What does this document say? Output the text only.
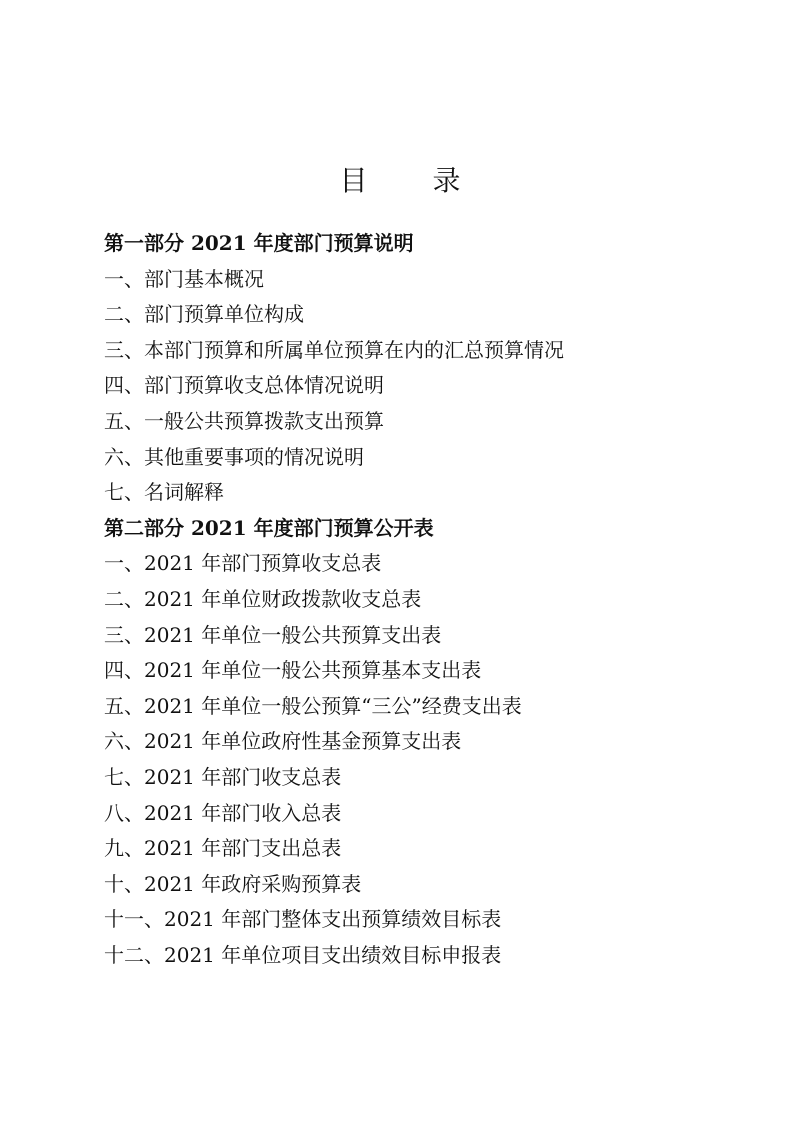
目 录
第一部分 2021 年度部门预算说明
一、部门基本概况
二、部门预算单位构成
三、本部门预算和所属单位预算在内的汇总预算情况
四、部门预算收支总体情况说明
五、一般公共预算拨款支出预算
六、其他重要事项的情况说明
七、名词解释
第二部分 2021 年度部门预算公开表
一、2021 年部门预算收支总表
二、2021 年单位财政拨款收支总表
三、2021 年单位一般公共预算支出表
四、2021 年单位一般公共预算基本支出表
五、2021 年单位一般公预算“三公”经费支出表
六、2021 年单位政府性基金预算支出表
七、2021 年部门收支总表
八、2021 年部门收入总表
九、2021 年部门支出总表
十、2021 年政府采购预算表
十一、2021 年部门整体支出预算绩效目标表
十二、2021 年单位项目支出绩效目标申报表
